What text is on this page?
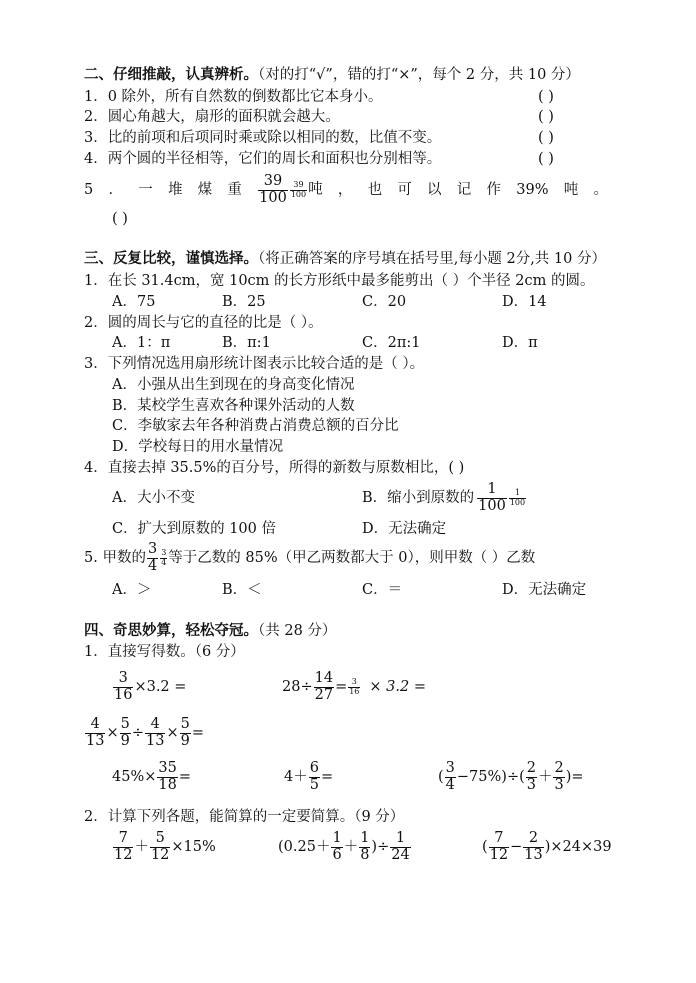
二、仔细推敲，认真辨析。（对的打“√”，错的打“×”，每个 2 分，共 10 分）
1．0 除外，所有自然数的倒数都比它本身小。	( )
2．圆心角越大，扇形的面积就会越大。	( )
3．比的前项和后项同时乘或除以相同的数，比值不变。	( )
4．两个圆的半径相等，它们的周长和面积也分别相等。	( )
5 ． 一 堆 煤 重 $\frac{39}{100} \frac{39}{100}$ 吨 ， 也 可 以 记 作 39% 吨 。
( )
三、反复比较，谨慎选择。（将正确答案的序号填在括号里,每小题 2分,共 10 分）
1．在长 31.4cm，宽 10cm 的长方形纸中最多能剪出（ ）个半径 2cm 的圆。
A．75	B．25	C．20	D．14
2．圆的周长与它的直径的比是（ ）。
A．1：π	B．π:1	C．2π:1	D．π
3．下列情况选用扇形统计图表示比较合适的是（ ）。
A．小强从出生到现在的身高变化情况
B．某校学生喜欢各种课外活动的人数
C．李敏家去年各种消费占消费总额的百分比
D．学校每日的用水量情况
4．直接去掉 35.5%的百分号，所得的新数与原数相比，( )
A．大小不变	B．缩小到原数的 $\frac{1}{100} \frac{1}{100}$
C．扩大到原数的 100 倍	D．无法确定
5. 甲数的 $\frac{3}{4} \frac{3}{4}$ 等于乙数的 85%（甲乙两数都大于 0），则甲数（ ）乙数
A．＞	B．＜	C．＝	D．无法确定
四、奇思妙算，轻松夺冠。（共 28 分）
1．直接写得数。（6 分）
$\frac{3}{16} \times 3.2$ =	$28\div \frac{14}{27} = \frac{3}{16} \times 3.2$ =
$\frac{4}{13} \times \frac{5}{9} \div \frac{4}{13} \times \frac{5}{9}$ =
$45\%\times \frac{35}{18}$ =	$4+ \frac{6}{5}$ =	( $\frac{3}{4} -75\%)\div( \frac{2}{3} + \frac{2}{3}$ )=
2．计算下列各题，能简算的一定要简算。（9 分）
$\frac{7}{12} + \frac{5}{12} \times 15\%$	($0.25+ \frac{1}{6} + \frac{1}{8}$ )÷ $\frac{1}{24}$	( $\frac{7}{12} - \frac{2}{13} )\times 24\times 39$
